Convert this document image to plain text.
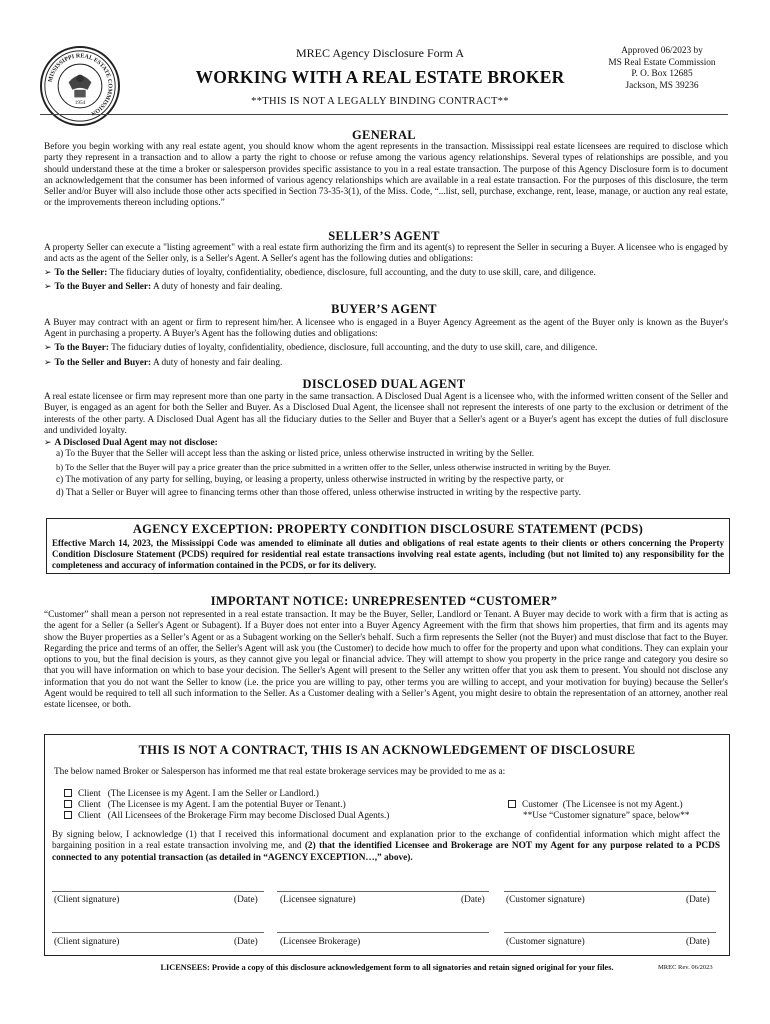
MISSISSIPPI REAL ESTATE COMMISSION
1954
MREC Agency Disclosure Form A
WORKING WITH A REAL ESTATE BROKER
**THIS IS NOT A LEGALLY BINDING CONTRACT**
Approved 06/2023 by
MS Real Estate Commission
P. O. Box 12685
Jackson, MS 39236
GENERAL
Before you begin working with any real estate agent, you should know whom the agent represents in the transaction. Mississippi real estate licensees are required to disclose which party they represent in a transaction and to allow a party the right to choose or refuse among the various agency relationships. Several types of relationships are possible, and you should understand these at the time a broker or salesperson provides specific assistance to you in a real estate transaction. The purpose of this Agency Disclosure form is to document an acknowledgement that the consumer has been informed of various agency relationships which are available in a real estate transaction. For the purposes of this disclosure, the term Seller and/or Buyer will also include those other acts specified in Section 73-35-3(1), of the Miss. Code, “...list, sell, purchase, exchange, rent, lease, manage, or auction any real estate, or the improvements thereon including options.”
SELLER’S AGENT
A property Seller can execute a "listing agreement" with a real estate firm authorizing the firm and its agent(s) to represent the Seller in securing a Buyer. A licensee who is engaged by and acts as the agent of the Seller only, is a Seller's Agent. A Seller's agent has the following duties and obligations:
➢ To the Seller: The fiduciary duties of loyalty, confidentiality, obedience, disclosure, full accounting, and the duty to use skill, care, and diligence.
➢ To the Buyer and Seller: A duty of honesty and fair dealing.
BUYER’S AGENT
A Buyer may contract with an agent or firm to represent him/her. A licensee who is engaged in a Buyer Agency Agreement as the agent of the Buyer only is known as the Buyer's Agent in purchasing a property. A Buyer's Agent has the following duties and obligations:
➢ To the Buyer: The fiduciary duties of loyalty, confidentiality, obedience, disclosure, full accounting, and the duty to use skill, care, and diligence.
➢ To the Seller and Buyer: A duty of honesty and fair dealing.
DISCLOSED DUAL AGENT
A real estate licensee or firm may represent more than one party in the same transaction. A Disclosed Dual Agent is a licensee who, with the informed written consent of the Seller and Buyer, is engaged as an agent for both the Seller and Buyer. As a Disclosed Dual Agent, the licensee shall not represent the interests of one party to the exclusion or detriment of the interests of the other party. A Disclosed Dual Agent has all the fiduciary duties to the Seller and Buyer that a Seller's agent or a Buyer's agent has except the duties of full disclosure and undivided loyalty.
➢ A Disclosed Dual Agent may not disclose:
a) To the Buyer that the Seller will accept less than the asking or listed price, unless otherwise instructed in writing by the Seller.
b) To the Seller that the Buyer will pay a price greater than the price submitted in a written offer to the Seller, unless otherwise instructed in writing by the Buyer.
c) The motivation of any party for selling, buying, or leasing a property, unless otherwise instructed in writing by the respective party, or
d) That a Seller or Buyer will agree to financing terms other than those offered, unless otherwise instructed in writing by the respective party.
AGENCY EXCEPTION: PROPERTY CONDITION DISCLOSURE STATEMENT (PCDS)
Effective March 14, 2023, the Mississippi Code was amended to eliminate all duties and obligations of real estate agents to their clients or others concerning the Property Condition Disclosure Statement (PCDS) required for residential real estate transactions involving real estate agents, including (but not limited to) any responsibility for the completeness and accuracy of information contained in the PCDS, or for its delivery.
IMPORTANT NOTICE: UNREPRESENTED “CUSTOMER”
“Customer” shall mean a person not represented in a real estate transaction. It may be the Buyer, Seller, Landlord or Tenant. A Buyer may decide to work with a firm that is acting as the agent for a Seller (a Seller's Agent or Subagent). If a Buyer does not enter into a Buyer Agency Agreement with the firm that shows him properties, that firm and its agents may show the Buyer properties as a Seller’s Agent or as a Subagent working on the Seller's behalf. Such a firm represents the Seller (not the Buyer) and must disclose that fact to the Buyer. Regarding the price and terms of an offer, the Seller's Agent will ask you (the Customer) to decide how much to offer for the property and upon what conditions. They can explain your options to you, but the final decision is yours, as they cannot give you legal or financial advice. They will attempt to show you property in the price range and category you desire so that you will have information on which to base your decision. The Seller's Agent will present to the Seller any written offer that you ask them to present. You should not disclose any information that you do not want the Seller to know (i.e. the price you are willing to pay, other terms you are willing to accept, and your motivation for buying) because the Seller's Agent would be required to tell all such information to the Seller. As a Customer dealing with a Seller’s Agent, you might desire to obtain the representation of an attorney, another real estate licensee, or both.
THIS IS NOT A CONTRACT, THIS IS AN ACKNOWLEDGEMENT OF DISCLOSURE
The below named Broker or Salesperson has informed me that real estate brokerage services may be provided to me as a:
Client   (The Licensee is my Agent. I am the Seller or Landlord.)
Client   (The Licensee is my Agent. I am the potential Buyer or Tenant.)
Client   (All Licensees of the Brokerage Firm may become Disclosed Dual Agents.)
Customer  (The Licensee is not my Agent.)
**Use “Customer signature” space, below**
By signing below, I acknowledge (1) that I received this informational document and explanation prior to the exchange of confidential information which might affect the bargaining position in a real estate transaction involving me, and (2) that the identified Licensee and Brokerage are NOT my Agent for any purpose related to a PCDS connected to any potential transaction (as detailed in “AGENCY EXCEPTION…,” above).
(Client signature)	(Date) (Licensee signature)	(Date) (Customer signature)	(Date)
(Client signature)	(Date) (Licensee Brokerage)	(Customer signature)	(Date)
LICENSEES: Provide a copy of this disclosure acknowledgement form to all signatories and retain signed original for your files.	MREC Rev. 06/2023
